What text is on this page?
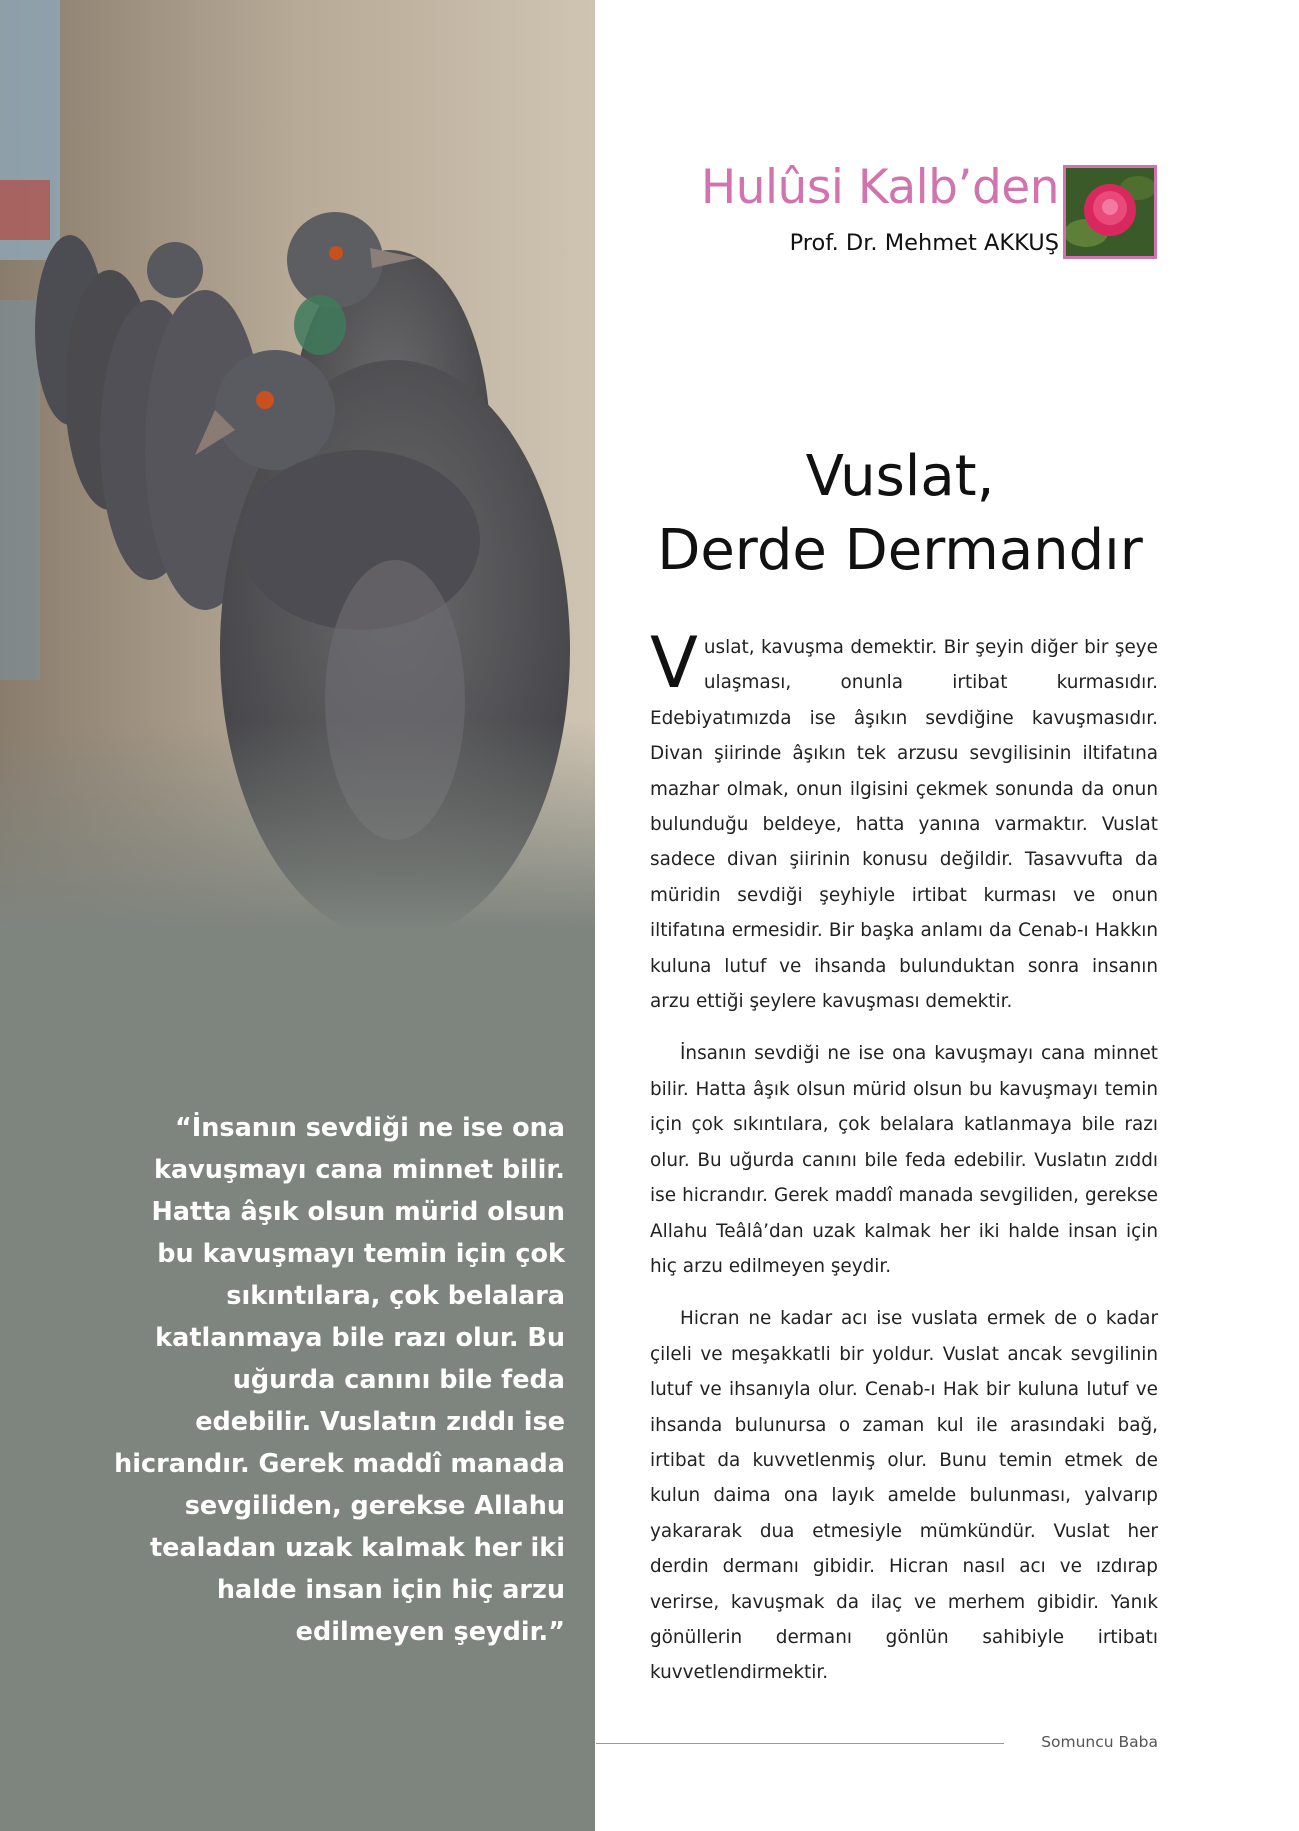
“İnsanın sevdiği ne ise ona kavuşmayı cana minnet bilir. Hatta âşık olsun mürid olsun bu kavuşmayı temin için çok sıkıntılara, çok belalara katlanmaya bile razı olur. Bu uğurda canını bile feda edebilir. Vuslatın zıddı ise hicrandır. Gerek maddî manada sevgiliden, gerekse Allahu tealadan uzak kalmak her iki halde insan için hiç arzu edilmeyen şeydir.”

Hulûsi Kalb’den
Prof. Dr. Mehmet AKKUŞ
Vuslat,
Derde Dermandır

Vuslat, kavuşma demektir. Bir şeyin diğer bir şeye ulaşması, onunla irtibat kurmasıdır. Edebiyatımızda ise âşıkın sevdiğine kavuşmasıdır. Divan şiirinde âşıkın tek arzusu sevgilisinin iltifatına mazhar olmak, onun ilgisini çekmek sonunda da onun bulunduğu beldeye, hatta yanına varmaktır. Vuslat sadece divan şiirinin konusu değildir. Tasavvufta da müridin sevdiği şeyhiyle irtibat kurması ve onun iltifatına ermesidir. Bir başka anlamı da Cenab-ı Hakkın kuluna lutuf ve ihsanda bulunduktan sonra insanın arzu ettiği şeylere kavuşması demektir.

İnsanın sevdiği ne ise ona kavuşmayı cana minnet bilir. Hatta âşık olsun mürid olsun bu kavuşmayı temin için çok sıkıntılara, çok belalara katlanmaya bile razı olur. Bu uğurda canını bile feda edebilir. Vuslatın zıddı ise hicrandır. Gerek maddî manada sevgiliden, gerekse Allahu Teâlâ’dan uzak kalmak her iki halde insan için hiç arzu edilmeyen şeydir.

Hicran ne kadar acı ise vuslata ermek de o kadar çileli ve meşakkatli bir yoldur. Vuslat ancak sevgilinin lutuf ve ihsanıyla olur. Cenab-ı Hak bir kuluna lutuf ve ihsanda bulunursa o zaman kul ile arasındaki bağ, irtibat da kuvvetlenmiş olur. Bunu temin etmek de kulun daima ona layık amelde bulunması, yalvarıp yakararak dua etmesiyle mümkündür. Vuslat her derdin dermanı gibidir. Hicran nasıl acı ve ızdırap verirse, kavuşmak da ilaç ve merhem gibidir. Yanık gönüllerin dermanı gönlün sahibiyle irtibatı kuvvetlendirmektir.

Somuncu Baba
